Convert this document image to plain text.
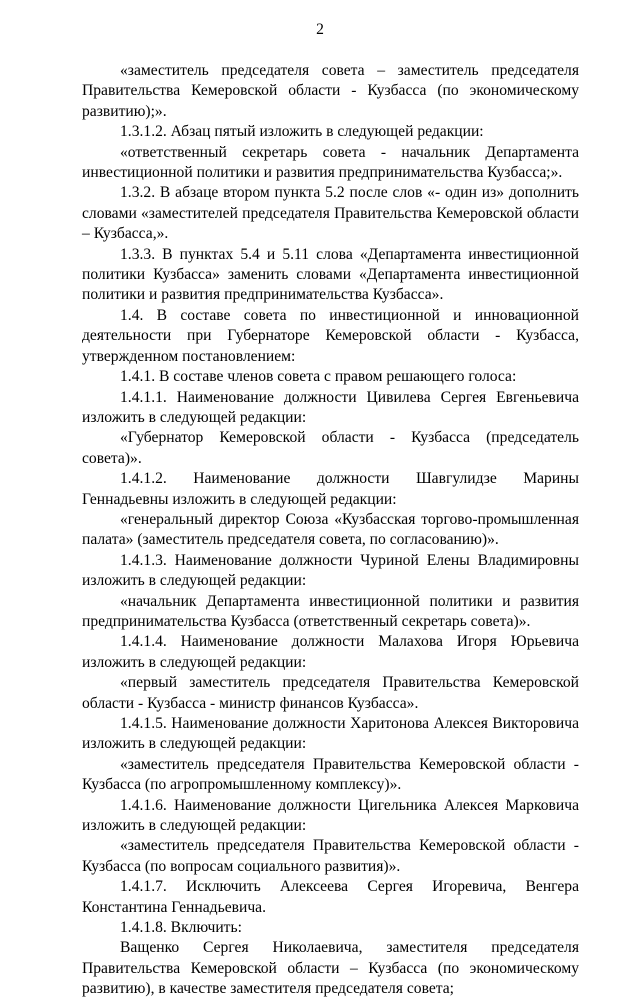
2

«заместитель председателя совета – заместитель председателя Правительства Кемеровской области - Кузбасса (по экономическому развитию);».

1.3.1.2. Абзац пятый изложить в следующей редакции:

«ответственный секретарь совета - начальник Департамента инвестиционной политики и развития предпринимательства Кузбасса;».

1.3.2. В абзаце втором пункта 5.2 после слов «- один из» дополнить словами «заместителей председателя Правительства Кемеровской области – Кузбасса,».

1.3.3. В пунктах 5.4 и 5.11 слова «Департамента инвестиционной политики Кузбасса» заменить словами «Департамента инвестиционной политики и развития предпринимательства Кузбасса».

1.4. В составе совета по инвестиционной и инновационной деятельности при Губернаторе Кемеровской области - Кузбасса, утвержденном постановлением:

1.4.1. В составе членов совета с правом решающего голоса:

1.4.1.1. Наименование должности Цивилева Сергея Евгеньевича изложить в следующей редакции:

«Губернатор Кемеровской области - Кузбасса (председатель совета)».

1.4.1.2. Наименование должности Шавгулидзе Марины Геннадьевны изложить в следующей редакции:

«генеральный директор Союза «Кузбасская торгово-промышленная палата» (заместитель председателя совета, по согласованию)».

1.4.1.3. Наименование должности Чуриной Елены Владимировны изложить в следующей редакции:

«начальник Департамента инвестиционной политики и развития предпринимательства Кузбасса (ответственный секретарь совета)».

1.4.1.4. Наименование должности Малахова Игоря Юрьевича изложить в следующей редакции:

«первый заместитель председателя Правительства Кемеровской области - Кузбасса - министр финансов Кузбасса».

1.4.1.5. Наименование должности Харитонова Алексея Викторовича изложить в следующей редакции:

«заместитель председателя Правительства Кемеровской области - Кузбасса (по агропромышленному комплексу)».

1.4.1.6. Наименование должности Цигельника Алексея Марковича изложить в следующей редакции:

«заместитель председателя Правительства Кемеровской области - Кузбасса (по вопросам социального развития)».

1.4.1.7. Исключить Алексеева Сергея Игоревича, Венгера Константина Геннадьевича.

1.4.1.8. Включить:

Ващенко Сергея Николаевича, заместителя председателя Правительства Кемеровской области – Кузбасса (по экономическому развитию), в качестве заместителя председателя совета;
